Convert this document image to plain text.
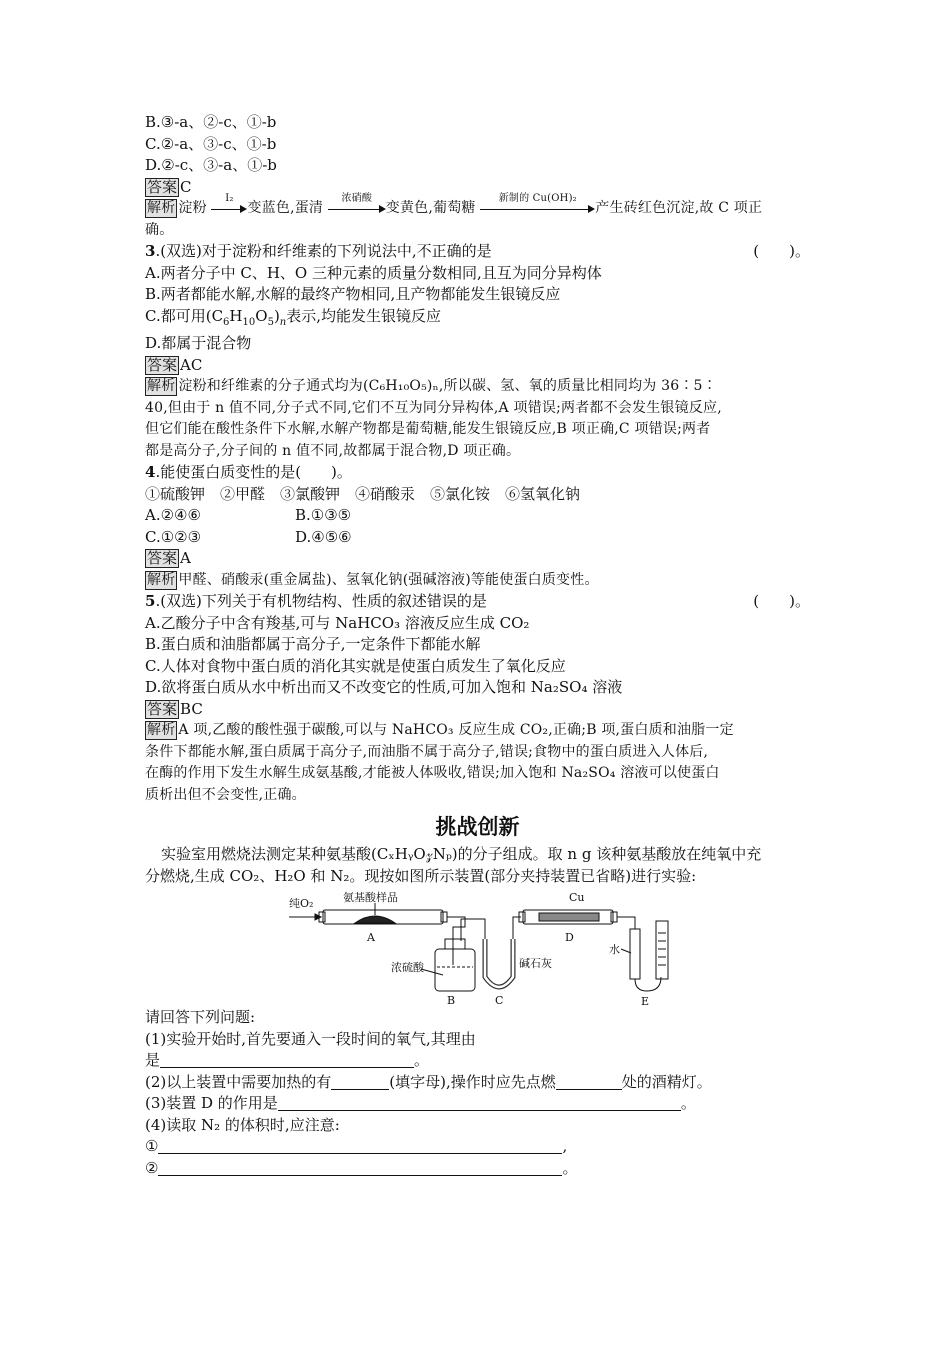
B.③-a、②-c、①-b
C.②-a、③-c、①-b
D.②-c、③-a、①-b
答案 C
解析 淀粉
I₂
变蓝色,蛋清
浓硝酸
变黄色,葡萄糖
新制的 Cu(OH)₂
产生砖红色沉淀,故 C 项正
确。
3.(双选)对于淀粉和纤维素的下列说法中,不正确的是	(　　)。
A.两者分子中 C、H、O 三种元素的质量分数相同,且互为同分异构体
B.两者都能水解,水解的最终产物相同,且产物都能发生银镜反应
C.都可用$(C_6H_{10}O_5)_n$表示,均能发生银镜反应
D.都属于混合物
答案 AC
解析 淀粉和纤维素的分子通式均为(C₆H₁₀O₅)ₙ,所以碳、氢、氧的质量比相同均为 36∶5∶
40,但由于 n 值不同,分子式不同,它们不互为同分异构体,A 项错误;两者都不会发生银镜反应,
但它们能在酸性条件下水解,水解产物都是葡萄糖,能发生银镜反应,B 项正确,C 项错误;两者
都是高分子,分子间的 n 值不同,故都属于混合物,D 项正确。
4.能使蛋白质变性的是(　　)。
①硫酸钾　②甲醛　③氯酸钾　④硝酸汞　⑤氯化铵　⑥氢氧化钠
A.②④⑥	B.①③⑤
C.①②③	D.④⑤⑥
答案 A
解析 甲醛、硝酸汞(重金属盐)、氢氧化钠(强碱溶液)等能使蛋白质变性。
5.(双选)下列关于有机物结构、性质的叙述错误的是	(　　)。
A.乙酸分子中含有羧基,可与 NaHCO₃ 溶液反应生成 CO₂
B.蛋白质和油脂都属于高分子,一定条件下都能水解
C.人体对食物中蛋白质的消化其实就是使蛋白质发生了氧化反应
D.欲将蛋白质从水中析出而又不改变它的性质,可加入饱和 Na₂SO₄ 溶液
答案 BC
解析 A 项,乙酸的酸性强于碳酸,可以与 NaHCO₃ 反应生成 CO₂,正确;B 项,蛋白质和油脂一定
条件下都能水解,蛋白质属于高分子,而油脂不属于高分子,错误;食物中的蛋白质进入人体后,
在酶的作用下发生水解生成氨基酸,才能被人体吸收,错误;加入饱和 Na₂SO₄ 溶液可以使蛋白
质析出但不会变性,正确。
挑战创新
实验室用燃烧法测定某种氨基酸(CₓHᵧO𝓏Nₚ)的分子组成。取 n g 该种氨基酸放在纯氧中充
分燃烧,生成 CO₂、H₂O 和 N₂。现按如图所示装置(部分夹持装置已省略)进行实验:
纯O₂	氨基酸样品
A
浓硫酸
B	C
碱石灰
Cu
D
水
E
请回答下列问题:
(1)实验开始时,首先要通入一段时间的氧气,其理由
是	。
(2)以上装置中需要加热的有	(填字母),操作时应先点燃	处的酒精灯。
(3)装置 D 的作用是	。
(4)读取 N₂ 的体积时,应注意:
①	,
②	。
